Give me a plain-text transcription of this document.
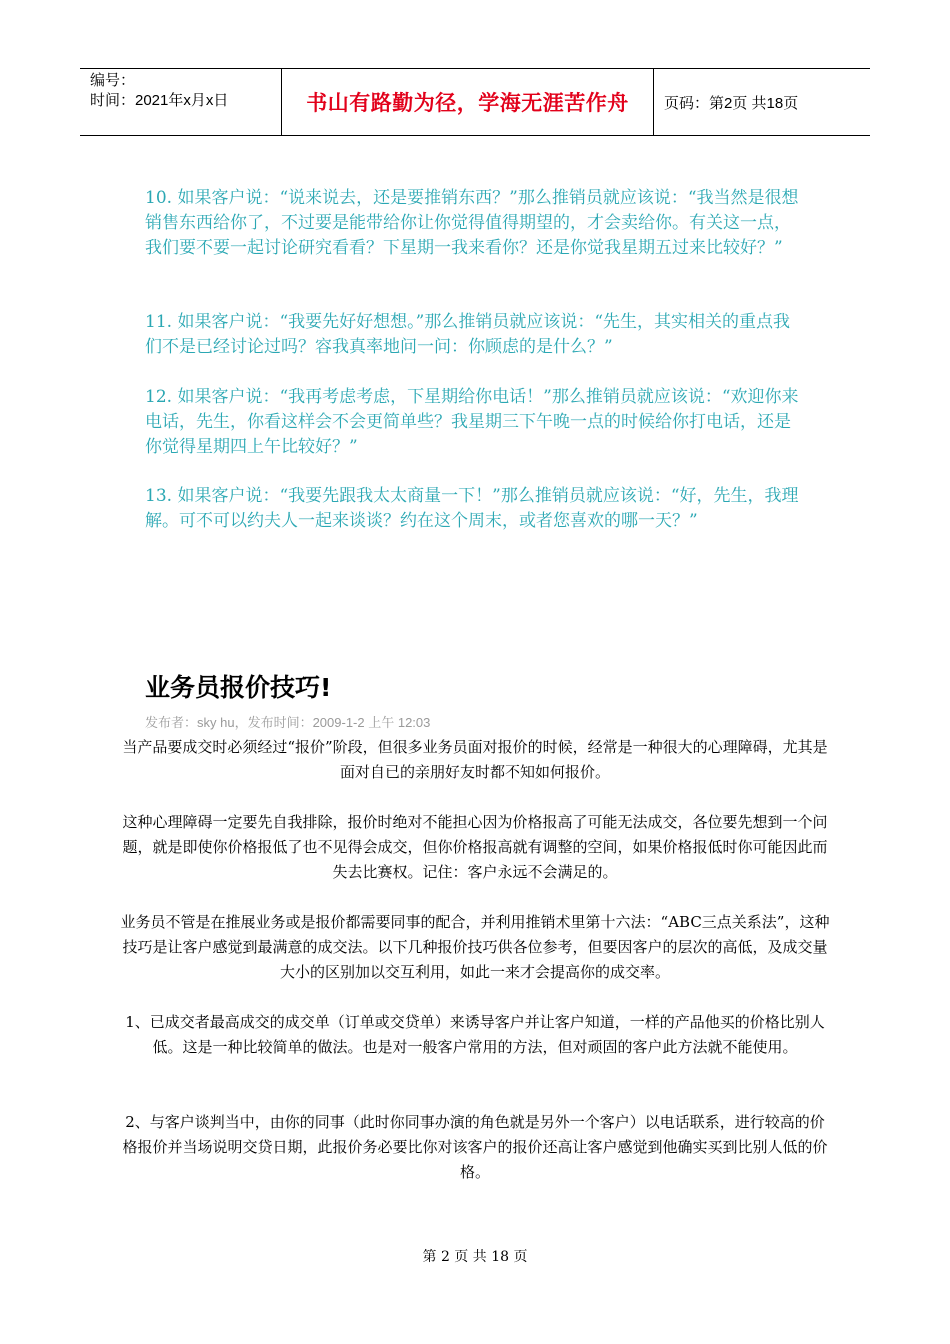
编号：
时间：2021年x月x日	书山有路勤为径，学海无涯苦作舟	页码：第2页 共18页

10. 如果客户说：“说来说去，还是要推销东西？”那么推销员就应该说：“我当然是很想销售东西给你了，不过要是能带给你让你觉得值得期望的，才会卖给你。有关这一点，我们要不要一起讨论研究看看？下星期一我来看你？还是你觉我星期五过来比较好？”

11. 如果客户说：“我要先好好想想。”那么推销员就应该说：“先生，其实相关的重点我们不是已经讨论过吗？容我真率地问一问：你顾虑的是什么？”

12. 如果客户说：“我再考虑考虑，下星期给你电话！”那么推销员就应该说：“欢迎你来电话，先生，你看这样会不会更简单些？我星期三下午晚一点的时候给你打电话，还是你觉得星期四上午比较好？”

13. 如果客户说：“我要先跟我太太商量一下！”那么推销员就应该说：“好，先生，我理解。可不可以约夫人一起来谈谈？约在这个周末，或者您喜欢的哪一天？”

业务员报价技巧!
发布者：sky hu，发布时间：2009-1-2 上午 12:03

当产品要成交时必须经过“报价”阶段，但很多业务员面对报价的时候，经常是一种很大的心理障碍，尤其是面对自已的亲朋好友时都不知如何报价。

这种心理障碍一定要先自我排除，报价时绝对不能担心因为价格报高了可能无法成交，各位要先想到一个问题，就是即使你价格报低了也不见得会成交，但你价格报高就有调整的空间，如果价格报低时你可能因此而失去比赛权。记住：客户永远不会满足的。

业务员不管是在推展业务或是报价都需要同事的配合，并利用推销术里第十六法：“ABC三点关系法”，这种技巧是让客户感觉到最满意的成交法。以下几种报价技巧供各位参考，但要因客户的层次的高低，及成交量大小的区别加以交互利用，如此一来才会提高你的成交率。

1、已成交者最高成交的成交单（订单或交贷单）来诱导客户并让客户知道，一样的产品他买的价格比别人低。这是一种比较简单的做法。也是对一般客户常用的方法，但对顽固的客户此方法就不能使用。

2、与客户谈判当中，由你的同事（此时你同事办演的角色就是另外一个客户）以电话联系，进行较高的价格报价并当场说明交贷日期，此报价务必要比你对该客户的报价还高让客户感觉到他确实买到比别人低的价格。

第 2 页 共 18 页
